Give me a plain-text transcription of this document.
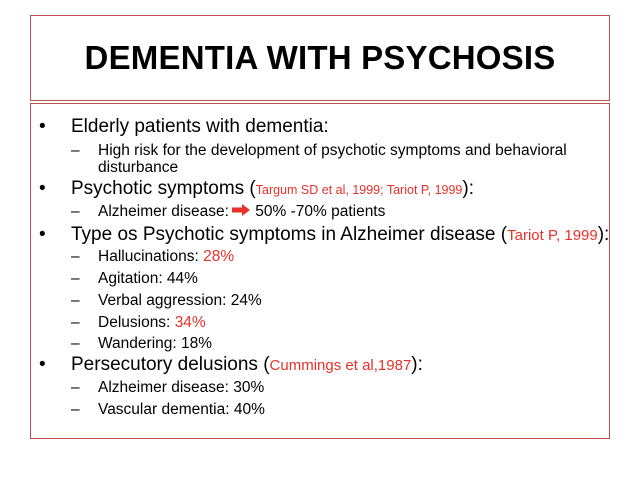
DEMENTIA WITH PSYCHOSIS
• Elderly patients with dementia:
– High risk for the development of psychotic symptoms and behavioral
disturbance
• Psychotic symptoms (Targum SD et al, 1999; Tariot P, 1999):
– Alzheimer disease: 50% -70% patients
• Type os Psychotic symptoms in Alzheimer disease (Tariot P, 1999):
– Hallucinations: 28%
– Agitation: 44%
– Verbal aggression: 24%
– Delusions: 34%
– Wandering: 18%
• Persecutory delusions (Cummings et al,1987):
– Alzheimer disease: 30%
– Vascular dementia: 40%
